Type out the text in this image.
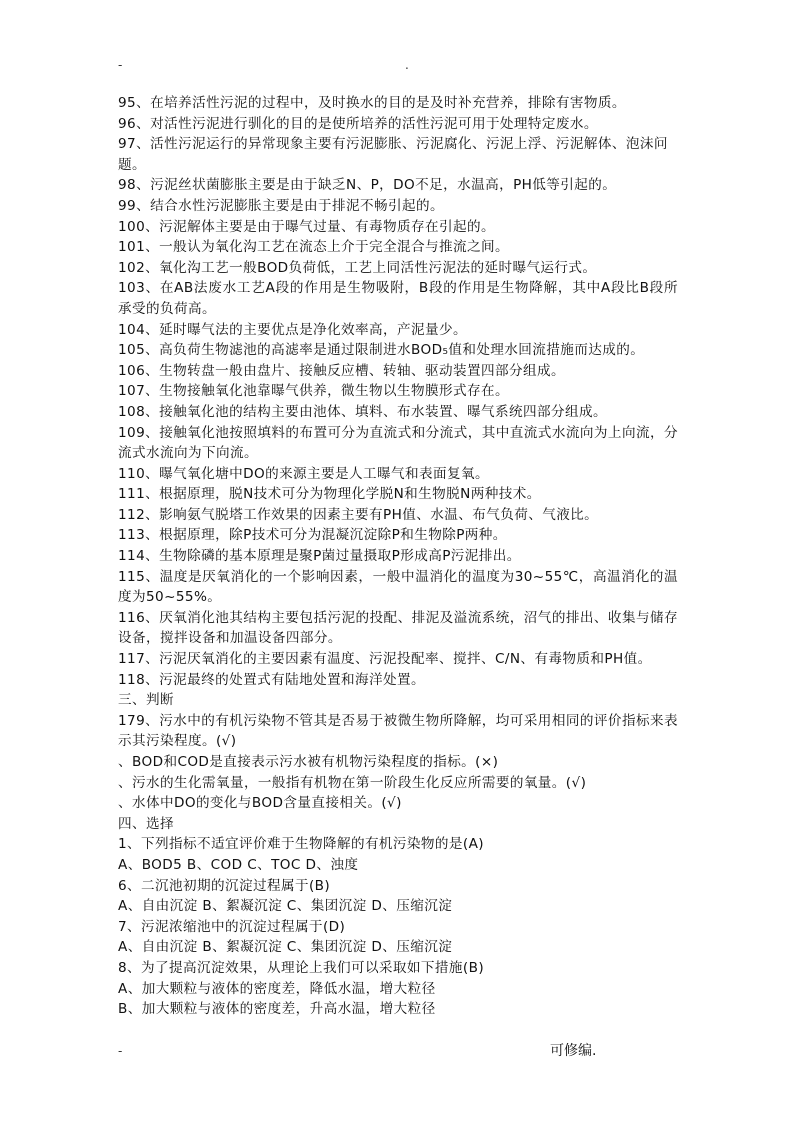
-	.

95、在培养活性污泥的过程中，及时换水的目的是及时补充营养，排除有害物质。

96、对活性污泥进行驯化的目的是使所培养的活性污泥可用于处理特定废水。

97、活性污泥运行的异常现象主要有污泥膨胀、污泥腐化、污泥上浮、污泥解体、泡沫问题。

98、污泥丝状菌膨胀主要是由于缺乏N、P，DO不足，水温高，PH低等引起的。

99、结合水性污泥膨胀主要是由于排泥不畅引起的。

100、污泥解体主要是由于曝气过量、有毒物质存在引起的。

101、一般认为氧化沟工艺在流态上介于完全混合与推流之间。

102、氧化沟工艺一般BOD负荷低，工艺上同活性污泥法的延时曝气运行式。

103、在AB法废水工艺A段的作用是生物吸附，B段的作用是生物降解，其中A段比B段所承受的负荷高。

104、延时曝气法的主要优点是净化效率高，产泥量少。

105、高负荷生物滤池的高滤率是通过限制进水BOD₅值和处理水回流措施而达成的。

106、生物转盘一般由盘片、接触反应槽、转轴、驱动装置四部分组成。

107、生物接触氧化池靠曝气供养，微生物以生物膜形式存在。

108、接触氧化池的结构主要由池体、填料、布水装置、曝气系统四部分组成。

109、接触氧化池按照填料的布置可分为直流式和分流式，其中直流式水流向为上向流，分流式水流向为下向流。

110、曝气氧化塘中DO的来源主要是人工曝气和表面复氧。

111、根据原理，脱N技术可分为物理化学脱N和生物脱N两种技术。

112、影响氨气脱塔工作效果的因素主要有PH值、水温、布气负荷、气液比。

113、根据原理，除P技术可分为混凝沉淀除P和生物除P两种。

114、生物除磷的基本原理是聚P菌过量摄取P形成高P污泥排出。

115、温度是厌氧消化的一个影响因素，一般中温消化的温度为30~55℃，高温消化的温度为50~55%。

116、厌氧消化池其结构主要包括污泥的投配、排泥及溢流系统，沼气的排出、收集与储存设备，搅拌设备和加温设备四部分。

117、污泥厌氧消化的主要因素有温度、污泥投配率、搅拌、C/N、有毒物质和PH值。

118、污泥最终的处置式有陆地处置和海洋处置。

三、判断

179、污水中的有机污染物不管其是否易于被微生物所降解，均可采用相同的评价指标来表示其污染程度。(√)

、BOD和COD是直接表示污水被有机物污染程度的指标。(×)

、污水的生化需氧量，一般指有机物在第一阶段生化反应所需要的氧量。(√)

、水体中DO的变化与BOD含量直接相关。(√)

四、选择

1、下列指标不适宜评价难于生物降解的有机污染物的是(A)

A、BOD5 B、COD C、TOC D、浊度

6、二沉池初期的沉淀过程属于(B)

A、自由沉淀 B、絮凝沉淀 C、集团沉淀 D、压缩沉淀

7、污泥浓缩池中的沉淀过程属于(D)

A、自由沉淀 B、絮凝沉淀 C、集团沉淀 D、压缩沉淀

8、为了提高沉淀效果，从理论上我们可以采取如下措施(B)

A、加大颗粒与液体的密度差，降低水温，增大粒径

B、加大颗粒与液体的密度差，升高水温，增大粒径

-	可修编.
